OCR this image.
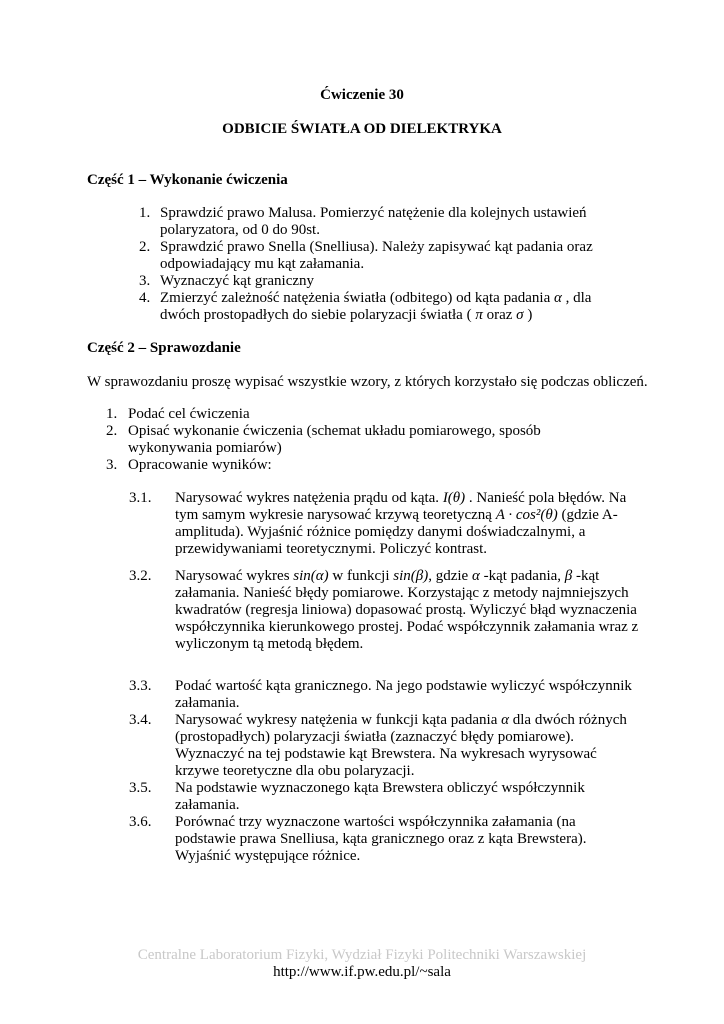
Ćwiczenie 30
ODBICIE ŚWIATŁA OD DIELEKTRYKA
Część 1 – Wykonanie ćwiczenia
1. Sprawdzić prawo Malusa. Pomierzyć natężenie dla kolejnych ustawień polaryzatora, od 0 do 90st.
2. Sprawdzić prawo Snella (Snelliusa). Należy zapisywać kąt padania oraz odpowiadający mu kąt załamania.
3. Wyznaczyć kąt graniczny
4. Zmierzyć zależność natężenia światła (odbitego) od kąta padania α , dla dwóch prostopadłych do siebie polaryzacji światła ( π oraz σ )
Część 2 – Sprawozdanie
W sprawozdaniu proszę wypisać wszystkie wzory, z których korzystało się podczas obliczeń.
1. Podać cel ćwiczenia
2. Opisać wykonanie ćwiczenia (schemat układu pomiarowego, sposób wykonywania pomiarów)
3. Opracowanie wyników:
3.1. Narysować wykres natężenia prądu od kąta. I(θ) . Nanieść pola błędów. Na tym samym wykresie narysować krzywą teoretyczną A · cos²(θ) (gdzie A-amplituda). Wyjaśnić różnice pomiędzy danymi doświadczalnymi, a przewidywaniami teoretycznymi. Policzyć kontrast.
3.2. Narysować wykres sin(α) w funkcji sin(β), gdzie α -kąt padania, β -kąt załamania. Nanieść błędy pomiarowe. Korzystając z metody najmniejszych kwadratów (regresja liniowa) dopasować prostą. Wyliczyć błąd wyznaczenia współczynnika kierunkowego prostej. Podać współczynnik załamania wraz z wyliczonym tą metodą błędem.
3.3. Podać wartość kąta granicznego. Na jego podstawie wyliczyć współczynnik załamania.
3.4. Narysować wykresy natężenia w funkcji kąta padania α dla dwóch różnych (prostopadłych) polaryzacji światła (zaznaczyć błędy pomiarowe). Wyznaczyć na tej podstawie kąt Brewstera. Na wykresach wyrysować krzywe teoretyczne dla obu polaryzacji.
3.5. Na podstawie wyznaczonego kąta Brewstera obliczyć współczynnik załamania.
3.6. Porównać trzy wyznaczone wartości współczynnika załamania (na podstawie prawa Snelliusa, kąta granicznego oraz z kąta Brewstera). Wyjaśnić występujące różnice.
Centralne Laboratorium Fizyki, Wydział Fizyki Politechniki Warszawskiej
http://www.if.pw.edu.pl/~sala
